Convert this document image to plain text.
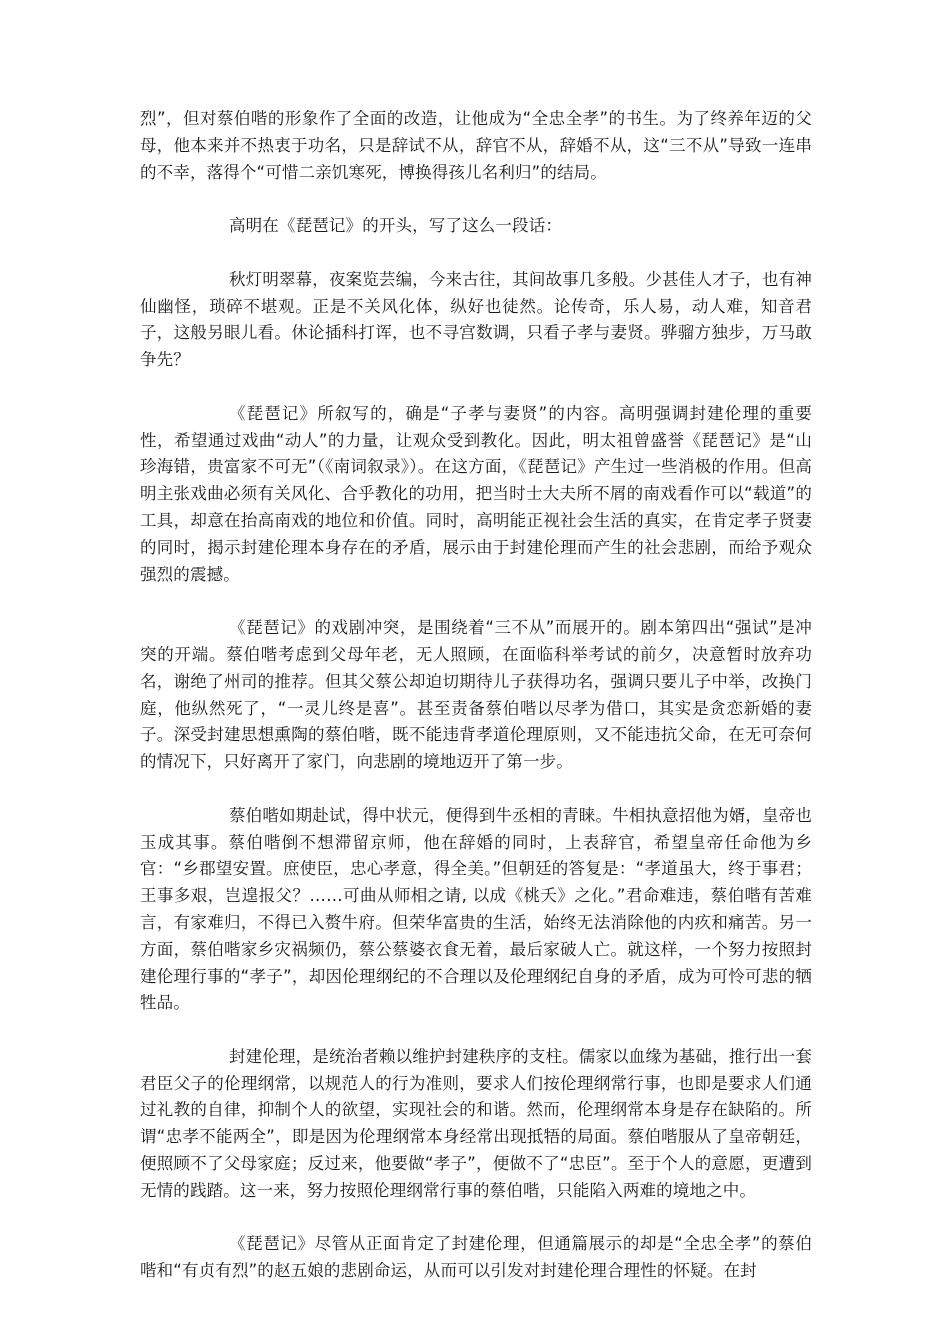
烈”，但对蔡伯喈的形象作了全面的改造，让他成为“全忠全孝”的书生。为了终养年迈的父母，他本来并不热衷于功名，只是辞试不从，辞官不从，辞婚不从，这“三不从”导致一连串的不幸，落得个“可惜二亲饥寒死，博换得孩儿名利归”的结局。

高明在《琵琶记》的开头，写了这么一段话：

秋灯明翠幕，夜案览芸编，今来古往，其间故事几多般。少甚佳人才子，也有神仙幽怪，琐碎不堪观。正是不关风化体，纵好也徒然。论传奇，乐人易，动人难，知音君子，这般另眼儿看。休论插科打诨，也不寻宫数调，只看子孝与妻贤。骅骝方独步，万马敢争先？

《琵琶记》所叙写的，确是“子孝与妻贤”的内容。高明强调封建伦理的重要性，希望通过戏曲“动人”的力量，让观众受到教化。因此，明太祖曾盛誉《琵琶记》是“山珍海错，贵富家不可无”（《南词叙录》）。在这方面，《琵琶记》产生过一些消极的作用。但高明主张戏曲必须有关风化、合乎教化的功用，把当时士大夫所不屑的南戏看作可以“载道”的工具，却意在抬高南戏的地位和价值。同时，高明能正视社会生活的真实，在肯定孝子贤妻的同时，揭示封建伦理本身存在的矛盾，展示由于封建伦理而产生的社会悲剧，而给予观众强烈的震撼。

《琵琶记》的戏剧冲突，是围绕着“三不从”而展开的。剧本第四出“强试”是冲突的开端。蔡伯喈考虑到父母年老，无人照顾，在面临科举考试的前夕，决意暂时放弃功名，谢绝了州司的推荐。但其父蔡公却迫切期待儿子获得功名，强调只要儿子中举，改换门庭，他纵然死了，“一灵儿终是喜”。甚至责备蔡伯喈以尽孝为借口，其实是贪恋新婚的妻子。深受封建思想熏陶的蔡伯喈，既不能违背孝道伦理原则，又不能违抗父命，在无可奈何的情况下，只好离开了家门，向悲剧的境地迈开了第一步。

蔡伯喈如期赴试，得中状元，便得到牛丞相的青睐。牛相执意招他为婿，皇帝也玉成其事。蔡伯喈倒不想滞留京师，他在辞婚的同时，上表辞官，希望皇帝任命他为乡官：“乡郡望安置。庶使臣，忠心孝意，得全美。”但朝廷的答复是：“孝道虽大，终于事君；王事多艰，岂遑报父？……可曲从师相之请, 以成《桃夭》之化。”君命难违，蔡伯喈有苦难言，有家难归，不得已入赘牛府。但荣华富贵的生活，始终无法消除他的内疚和痛苦。另一方面，蔡伯喈家乡灾祸频仍，蔡公蔡婆衣食无着，最后家破人亡。就这样，一个努力按照封建伦理行事的“孝子”，却因伦理纲纪的不合理以及伦理纲纪自身的矛盾，成为可怜可悲的牺牲品。

封建伦理，是统治者赖以维护封建秩序的支柱。儒家以血缘为基础，推行出一套君臣父子的伦理纲常，以规范人的行为准则，要求人们按伦理纲常行事，也即是要求人们通过礼教的自律，抑制个人的欲望，实现社会的和谐。然而，伦理纲常本身是存在缺陷的。所谓“忠孝不能两全”，即是因为伦理纲常本身经常出现抵牾的局面。蔡伯喈服从了皇帝朝廷，便照顾不了父母家庭；反过来，他要做“孝子”，便做不了“忠臣”。至于个人的意愿，更遭到无情的践踏。这一来，努力按照伦理纲常行事的蔡伯喈，只能陷入两难的境地之中。

《琵琶记》尽管从正面肯定了封建伦理，但通篇展示的却是“全忠全孝”的蔡伯喈和“有贞有烈”的赵五娘的悲剧命运，从而可以引发对封建伦理合理性的怀疑。在封
